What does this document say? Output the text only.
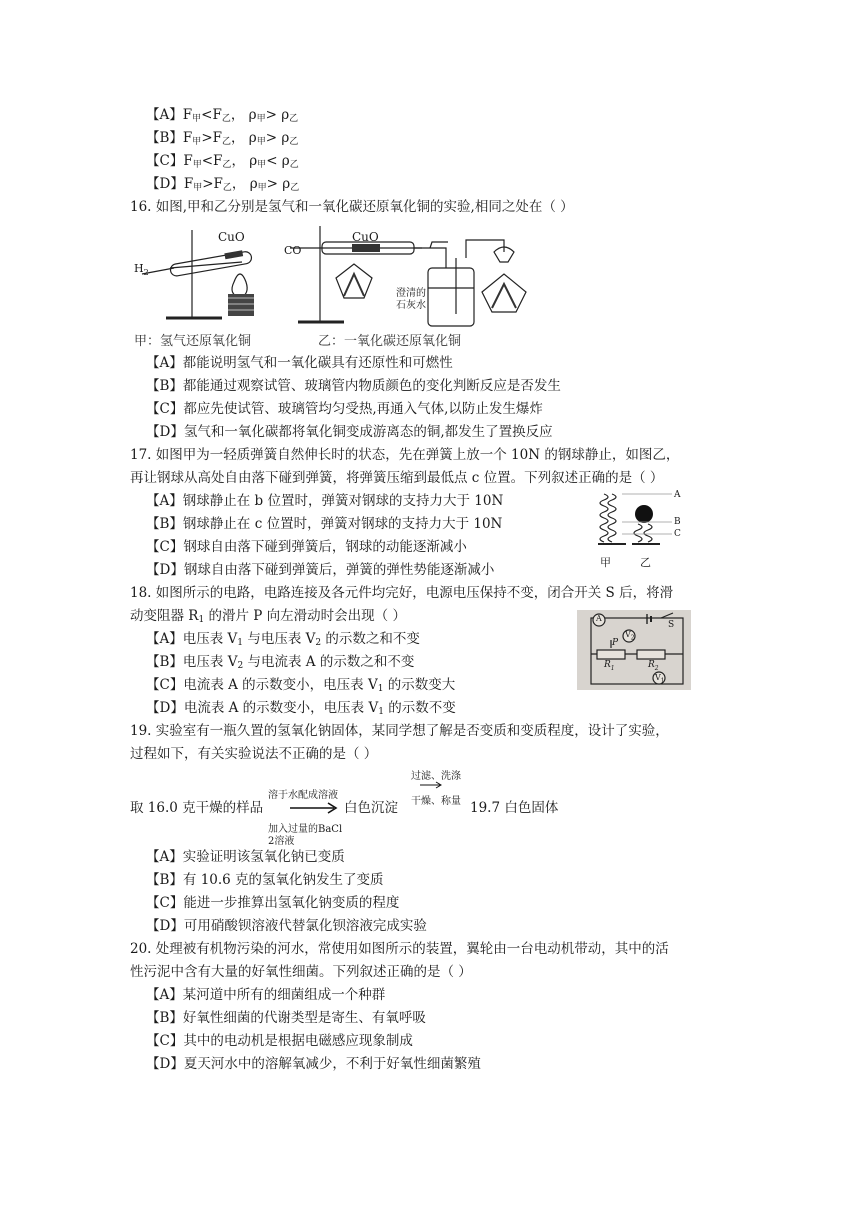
【A】$F_甲<F_乙$， $\rho_甲> \rho_乙$
【B】$F_甲>F_乙$， $\rho_甲> \rho_乙$
【C】$F_甲<F_乙$， $\rho_甲< \rho_乙$
【D】$F_甲>F_乙$， $\rho_甲> \rho_乙$
16. 如图,甲和乙分别是氢气和一氧化碳还原氧化铜的实验,相同之处在（ ）
CuO
$H_2$
CO
CuO
澄清的
石灰水
甲：氢气还原氧化铜	乙：一氧化碳还原氧化铜
【A】都能说明氢气和一氧化碳具有还原性和可燃性
【B】都能通过观察试管、玻璃管内物质颜色的变化判断反应是否发生
【C】都应先使试管、玻璃管均匀受热,再通入气体,以防止发生爆炸
【D】氢气和一氧化碳都将氧化铜变成游离态的铜,都发生了置换反应
17. 如图甲为一轻质弹簧自然伸长时的状态，先在弹簧上放一个 10N 的钢球静止，如图乙，
再让钢球从高处自由落下碰到弹簧，将弹簧压缩到最低点 c 位置。下列叙述正确的是（ ）
【A】钢球静止在 b 位置时，弹簧对钢球的支持力大于 10N
【B】钢球静止在 c 位置时，弹簧对钢球的支持力大于 10N
【C】钢球自由落下碰到弹簧后，钢球的动能逐渐减小
【D】钢球自由落下碰到弹簧后，弹簧的弹性势能逐渐减小
A
B
C
甲	乙
18. 如图所示的电路，电路连接及各元件均完好，电源电压保持不变，闭合开关 S 后，将滑
动变阻器 $R_1$ 的滑片 P 向左滑动时会出现（ ）
【A】电压表 $V_1$ 与电压表 $V_2$ 的示数之和不变
【B】电压表 $V_2$ 与电流表 A 的示数之和不变
【C】电流表 A 的示数变小，电压表 $V_1$ 的示数变大
【D】电流表 A 的示数变小，电压表 $V_1$ 的示数不变
A
$V_2$
S
P
$R_1$	$R_2$
$V_1$
19. 实验室有一瓶久置的氢氧化钠固体，某同学想了解是否变质和变质程度，设计了实验，
过程如下，有关实验说法不正确的是（ ）
取 16.0 克干燥的样品
溶于水配成溶液
加入过量的BaCl
2溶液
白色沉淀
过滤、洗涤
干燥、称量 19.7 白色固体
【A】实验证明该氢氧化钠已变质
【B】有 10.6 克的氢氧化钠发生了变质
【C】能进一步推算出氢氧化钠变质的程度
【D】可用硝酸钡溶液代替氯化钡溶液完成实验
20. 处理被有机物污染的河水，常使用如图所示的装置，翼轮由一台电动机带动，其中的活
性污泥中含有大量的好氧性细菌。下列叙述正确的是（ ）
【A】某河道中所有的细菌组成一个种群
【B】好氧性细菌的代谢类型是寄生、有氧呼吸
【C】其中的电动机是根据电磁感应现象制成
【D】夏天河水中的溶解氧减少，不利于好氧性细菌繁殖
